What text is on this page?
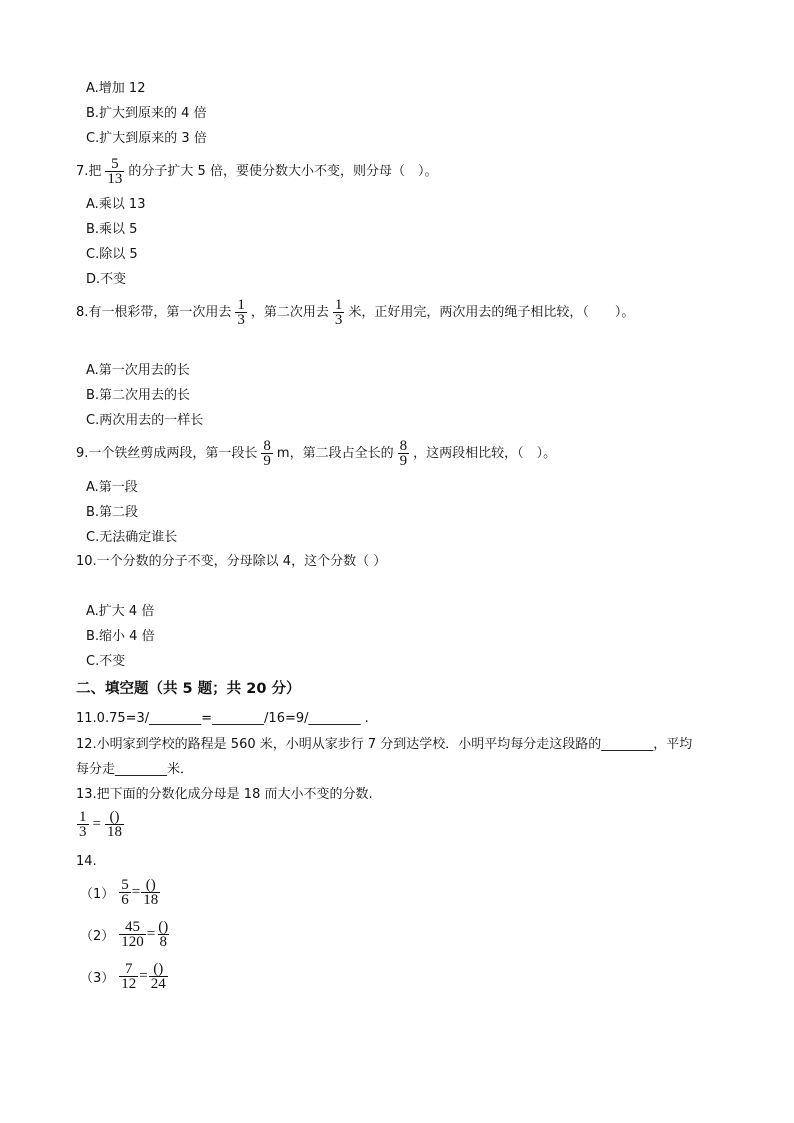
A.增加 12
B.扩大到原来的 4 倍
C.扩大到原来的 3 倍
7.把 $\frac{5}{13}$ 的分子扩大 5 倍，要使分数大小不变，则分母（　）。
A.乘以 13
B.乘以 5
C.除以 5
D.不变
8.有一根彩带，第一次用去 $\frac{1}{3}$ ，第二次用去 $\frac{1}{3}$ 米，正好用完，两次用去的绳子相比较，（　　）。
A.第一次用去的长
B.第二次用去的长
C.两次用去的一样长
9.一个铁丝剪成两段，第一段长 $\frac{8}{9}$ m，第二段占全长的 $\frac{8}{9}$ ，这两段相比较，（　）。
A.第一段
B.第二段
C.无法确定谁长
10.一个分数的分子不变，分母除以 4，这个分数（ ）
A.扩大 4 倍
B.缩小 4 倍
C.不变
二、填空题（共 5 题；共 20 分）
11.0.75=3/________=________/16=9/________ .
12.小明家到学校的路程是 560 米，小明从家步行 7 分到达学校．小明平均每分走这段路的________，平均
每分走________米．
13.把下面的分数化成分母是 18 而大小不变的分数.
$\frac{1}{3} = \frac{()}{18}$
14.
$(1) \frac{5}{6} = \frac{()}{18}$
$(2) \frac{45}{120} = \frac{()}{8}$
$(3) \frac{7}{12} = \frac{()}{24}$
